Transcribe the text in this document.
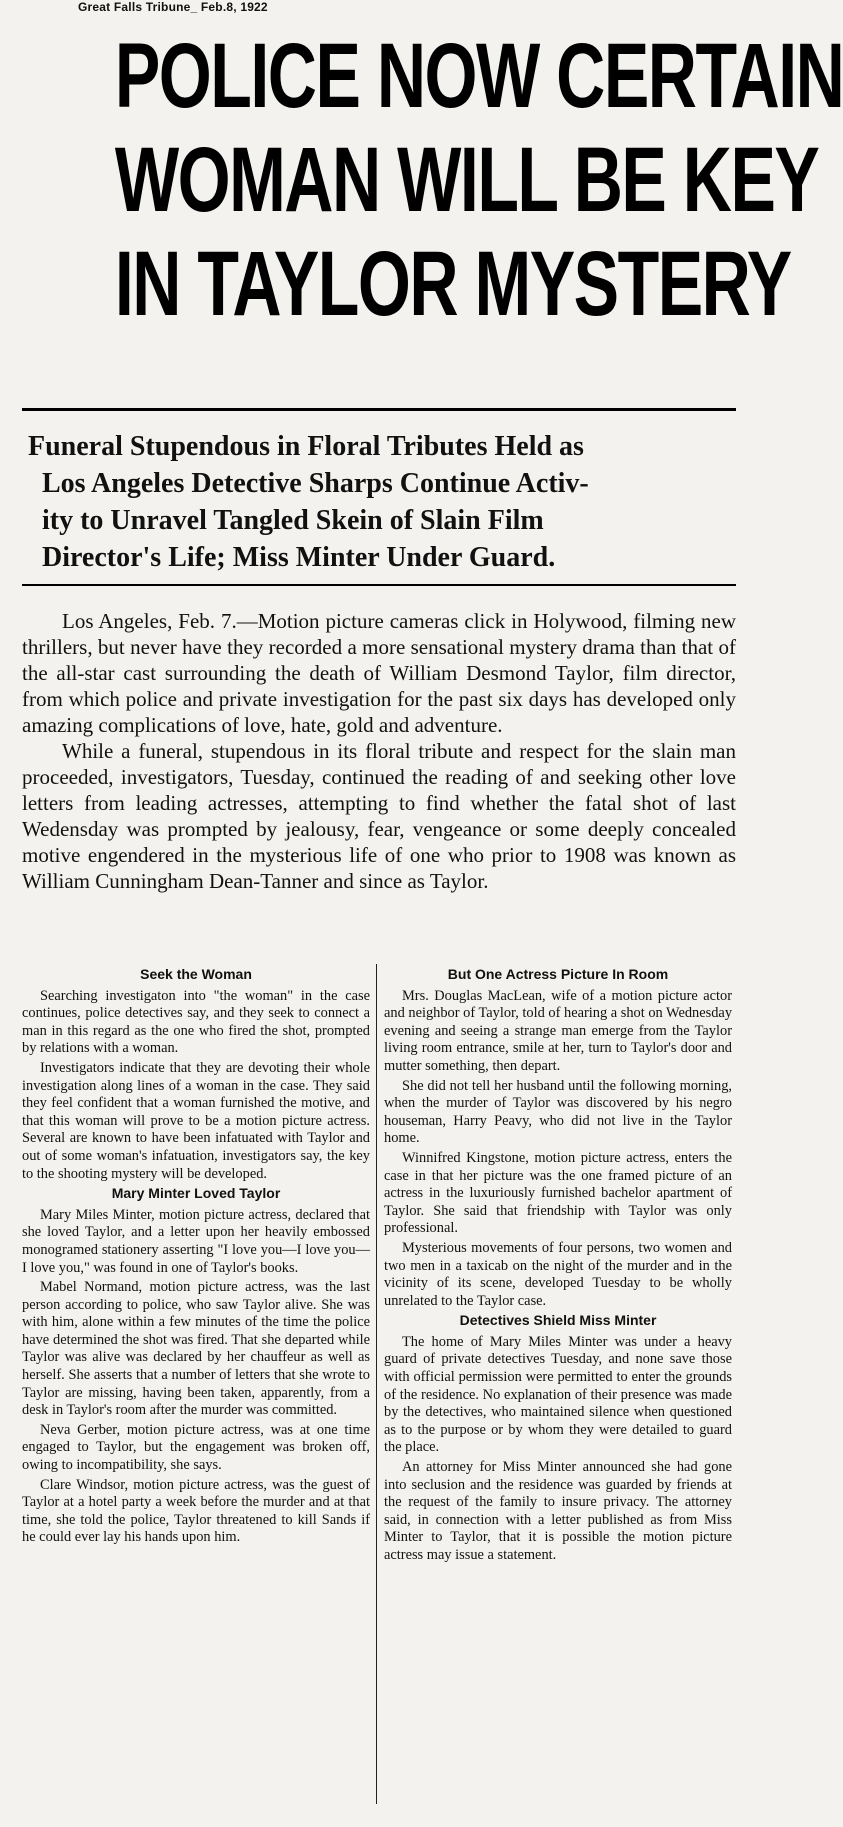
Great Falls Tribune_ Feb.8, 1922
POLICE NOW CERTAIN
WOMAN WILL BE KEY
IN TAYLOR MYSTERY
Funeral Stupendous in Floral Tributes Held as
Los Angeles Detective Sharps Continue Activ-
ity to Unravel Tangled Skein of Slain Film
Director's Life; Miss Minter Under Guard.

Los Angeles, Feb. 7.—Motion picture cameras click in Holywood, filming new thrillers, but never have they recorded a more sensational mystery drama than that of the all-star cast surrounding the death of William Desmond Taylor, film director, from which police and private investigation for the past six days has developed only amazing complications of love, hate, gold and adventure.

While a funeral, stupendous in its floral tribute and respect for the slain man proceeded, investigators, Tuesday, continued the reading of and seeking other love letters from leading actresses, attempting to find whether the fatal shot of last Wedensday was prompted by jealousy, fear, vengeance or some deeply concealed motive engendered in the mysterious life of one who prior to 1908 was known as William Cunningham Dean-Tanner and since as Taylor.

Seek the Woman

Searching investigaton into "the woman" in the case continues, police detectives say, and they seek to connect a man in this regard as the one who fired the shot, prompted by relations with a woman.

Investigators indicate that they are devoting their whole investigation along lines of a woman in the case. They said they feel confident that a woman furnished the motive, and that this woman will prove to be a motion picture actress. Several are known to have been infatuated with Taylor and out of some woman's infatuation, investigators say, the key to the shooting mystery will be developed.

Mary Minter Loved Taylor

Mary Miles Minter, motion picture actress, declared that she loved Taylor, and a letter upon her heavily embossed monogramed stationery asserting "I love you—I love you—I love you," was found in one of Taylor's books.

Mabel Normand, motion picture actress, was the last person according to police, who saw Taylor alive. She was with him, alone within a few minutes of the time the police have determined the shot was fired. That she departed while Taylor was alive was declared by her chauffeur as well as herself. She asserts that a number of letters that she wrote to Taylor are missing, having been taken, apparently, from a desk in Taylor's room after the murder was committed.

Neva Gerber, motion picture actress, was at one time engaged to Taylor, but the engagement was broken off, owing to incompatibility, she says.

Clare Windsor, motion picture actress, was the guest of Taylor at a hotel party a week before the murder and at that time, she told the police, Taylor threatened to kill Sands if he could ever lay his hands upon him.

But One Actress Picture In Room

Mrs. Douglas MacLean, wife of a motion picture actor and neighbor of Taylor, told of hearing a shot on Wednesday evening and seeing a strange man emerge from the Taylor living room entrance, smile at her, turn to Taylor's door and mutter something, then depart.

She did not tell her husband until the following morning, when the murder of Taylor was discovered by his negro houseman, Harry Peavy, who did not live in the Taylor home.

Winnifred Kingstone, motion picture actress, enters the case in that her picture was the one framed picture of an actress in the luxuriously furnished bachelor apartment of Taylor. She said that friendship with Taylor was only professional.

Mysterious movements of four persons, two women and two men in a taxicab on the night of the murder and in the vicinity of its scene, developed Tuesday to be wholly unrelated to the Taylor case.

Detectives Shield Miss Minter

The home of Mary Miles Minter was under a heavy guard of private detectives Tuesday, and none save those with official permission were permitted to enter the grounds of the residence. No explanation of their presence was made by the detectives, who maintained silence when questioned as to the purpose or by whom they were detailed to guard the place.

An attorney for Miss Minter announced she had gone into seclusion and the residence was guarded by friends at the request of the family to insure privacy. The attorney said, in connection with a letter published as from Miss Minter to Taylor, that it is possible the motion picture actress may issue a statement.
